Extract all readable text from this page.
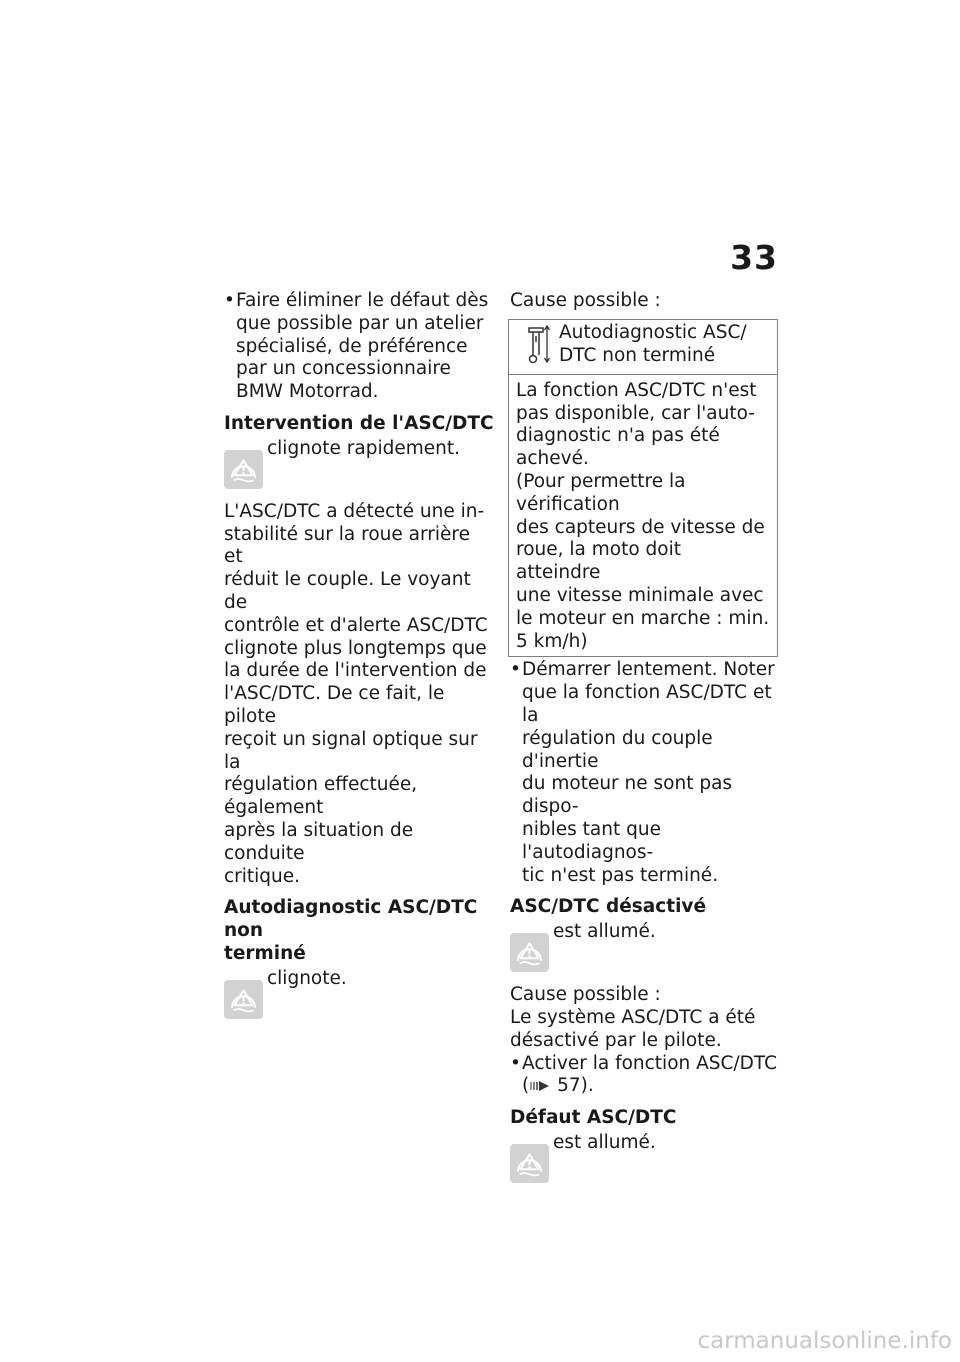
33
• Faire éliminer le défaut dès
que possible par un atelier
spécialisé, de préférence
par un concessionnaire
BMW Motorrad.
Intervention de l'ASC/DTC
clignote rapidement.
L'ASC/DTC a détecté une in-
stabilité sur la roue arrière et
réduit le couple. Le voyant de
contrôle et d'alerte ASC/DTC
clignote plus longtemps que
la durée de l'intervention de
l'ASC/DTC. De ce fait, le pilote
reçoit un signal optique sur la
régulation effectuée, également
après la situation de conduite
critique.
Autodiagnostic ASC/DTC non
terminé
clignote.
Cause possible :
Autodiagnostic ASC/
DTC non terminé
La fonction ASC/DTC n'est
pas disponible, car l'auto-
diagnostic n'a pas été achevé.
(Pour permettre la vérification
des capteurs de vitesse de
roue, la moto doit atteindre
une vitesse minimale avec
le moteur en marche : min.
5 km/h)
• Démarrer lentement. Noter
que la fonction ASC/DTC et la
régulation du couple d'inertie
du moteur ne sont pas dispo-
nibles tant que l'autodiagnos-
tic n'est pas terminé.
ASC/DTC désactivé
est allumé.
Cause possible :
Le système ASC/DTC a été
désactivé par le pilote.
• Activer la fonction ASC/DTC
( 57).
Défaut ASC/DTC
est allumé.
carmanualsonline.info
